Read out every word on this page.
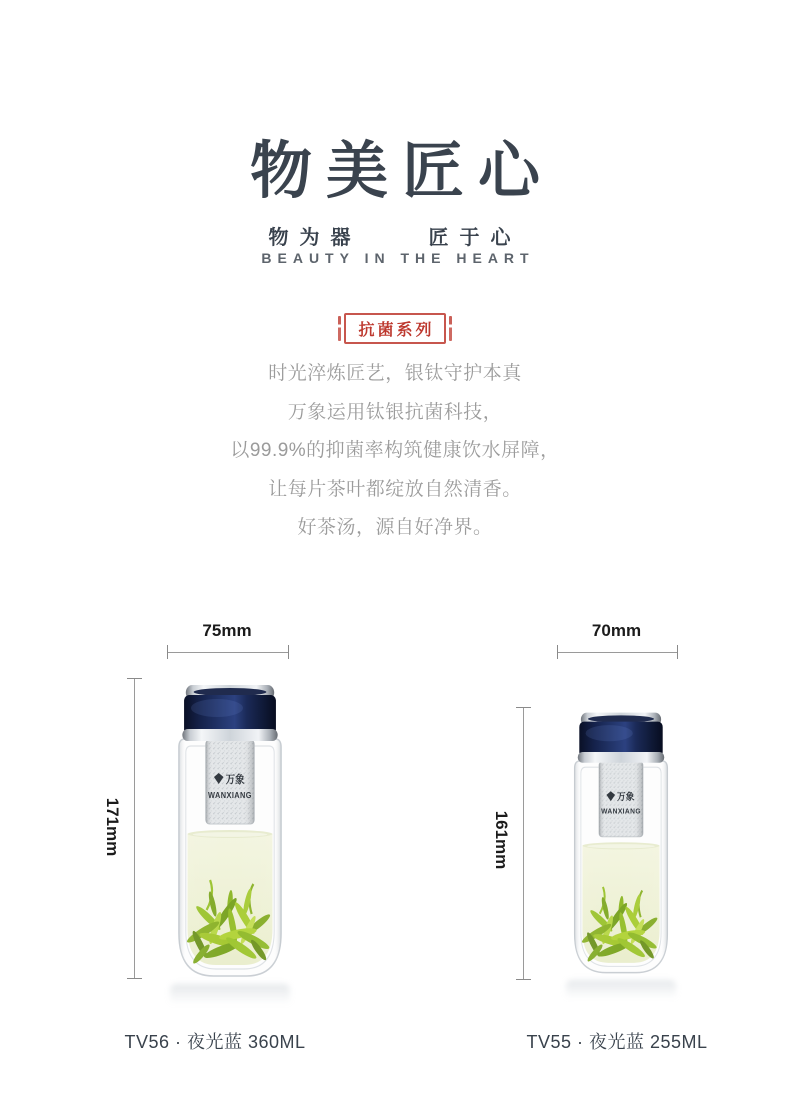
物美匠心
物为器	匠于心
BEAUTY IN THE HEART
抗菌系列
时光淬炼匠艺，银钛守护本真
万象运用钛银抗菌科技，
以99.9%的抑菌率构筑健康饮水屏障，
让每片茶叶都绽放自然清香。
好茶汤，源自好净界。
75mm
171mm
TV56 · 夜光蓝 360ML
70mm
161mm
TV55 · 夜光蓝 255ML
